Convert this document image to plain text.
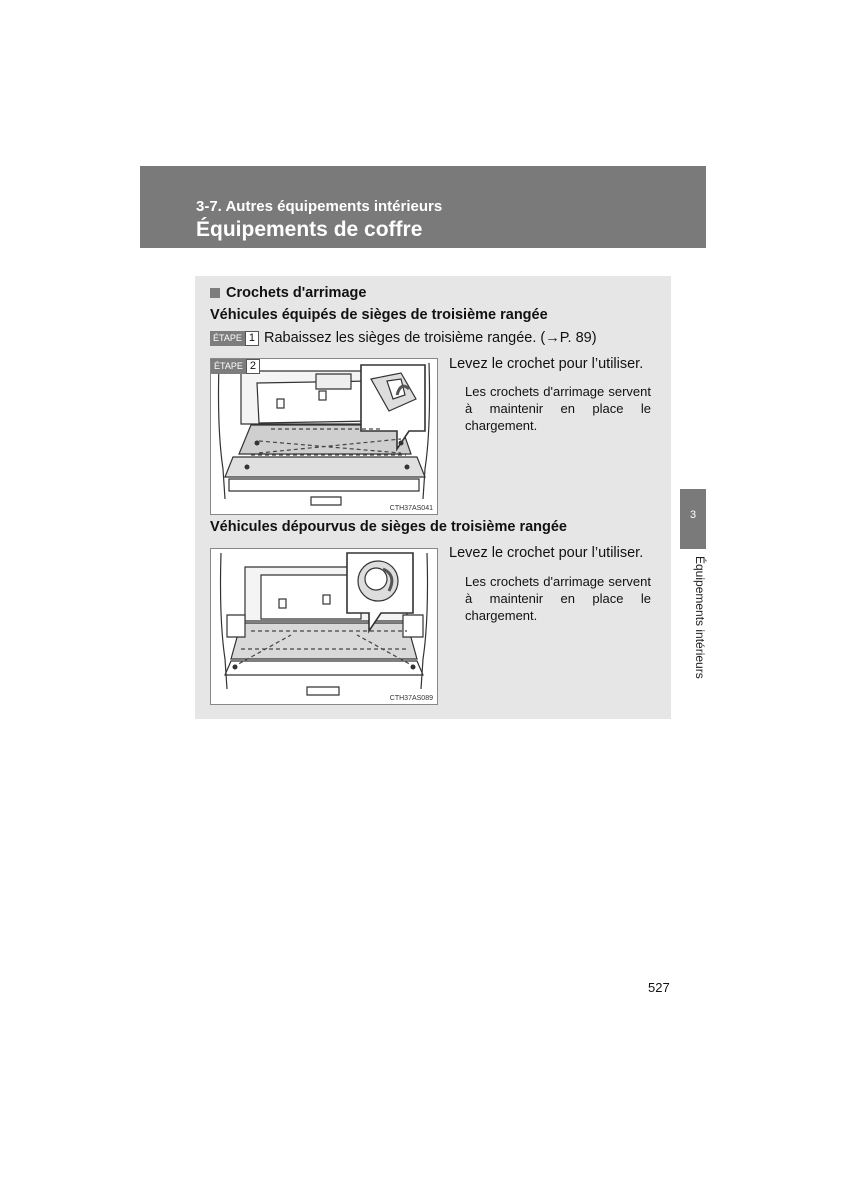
3-7. Autres équipements intérieurs
Équipements de coffre
Crochets d'arrimage
Véhicules équipés de sièges de troisième rangée
ÉTAPE 1 Rabaissez les sièges de troisième rangée. (→P. 89)
ÉTAPE 2
CTH37AS041
Levez le crochet pour l’utiliser.
Les crochets d'arrimage servent à maintenir en place le chargement.
Véhicules dépourvus de sièges de troisième rangée
CTH37AS089
Levez le crochet pour l’utiliser.
Les crochets d'arrimage servent à maintenir en place le chargement.
3
Équipements intérieurs
527
